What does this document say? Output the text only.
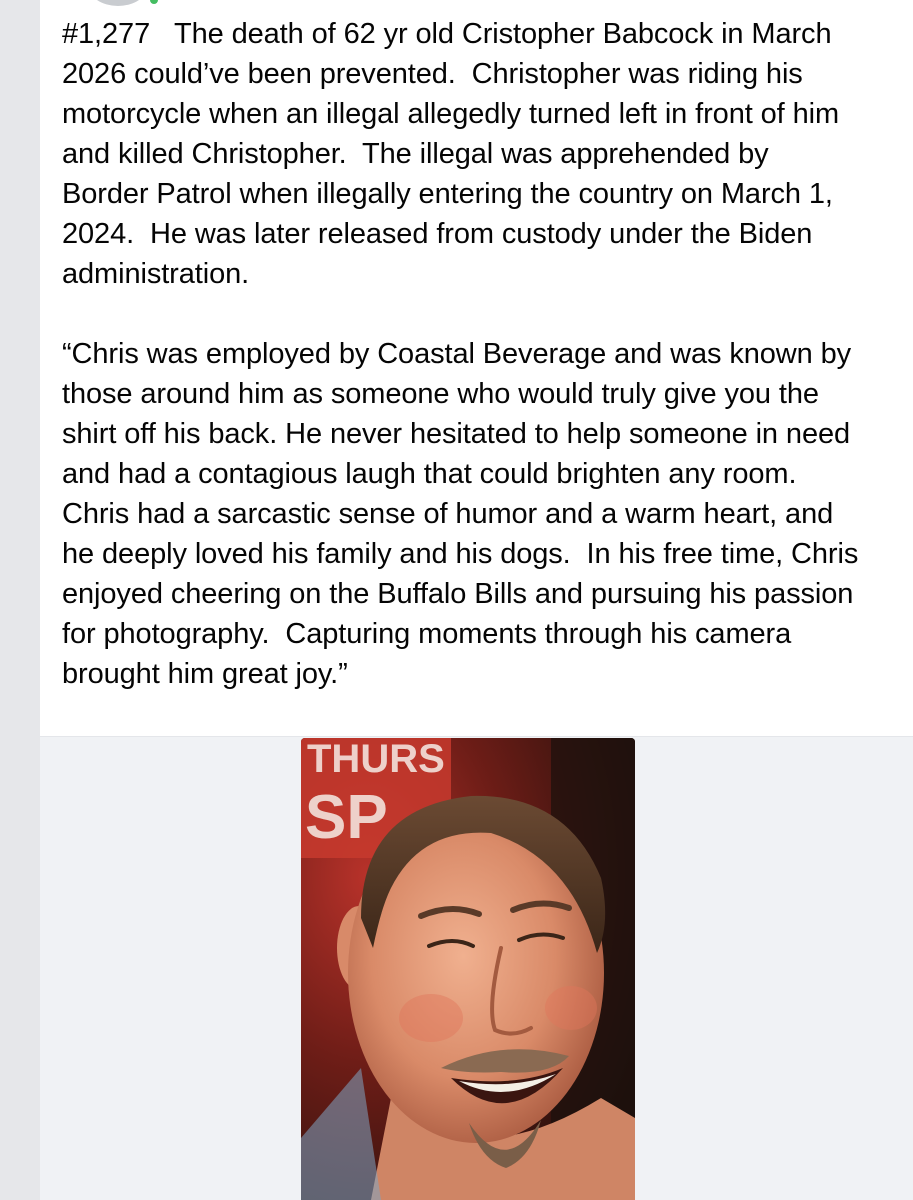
#1,277   The death of 62 yr old Cristopher Babcock in March 2026 could’ve been prevented.  Christopher was riding his motorcycle when an illegal allegedly turned left in front of him and killed Christopher.  The illegal was apprehended by Border Patrol when illegally entering the country on March 1, 2024.  He was later released from custody under the Biden administration.

“Chris was employed by Coastal Beverage and was known by those around him as someone who would truly give you the shirt off his back. He never hesitated to help someone in need and had a contagious laugh that could brighten any room. Chris had a sarcastic sense of humor and a warm heart, and he deeply loved his family and his dogs.  In his free time, Chris enjoyed cheering on the Buffalo Bills and pursuing his passion for photography.  Capturing moments through his camera brought him great joy.”

THURS
SP
